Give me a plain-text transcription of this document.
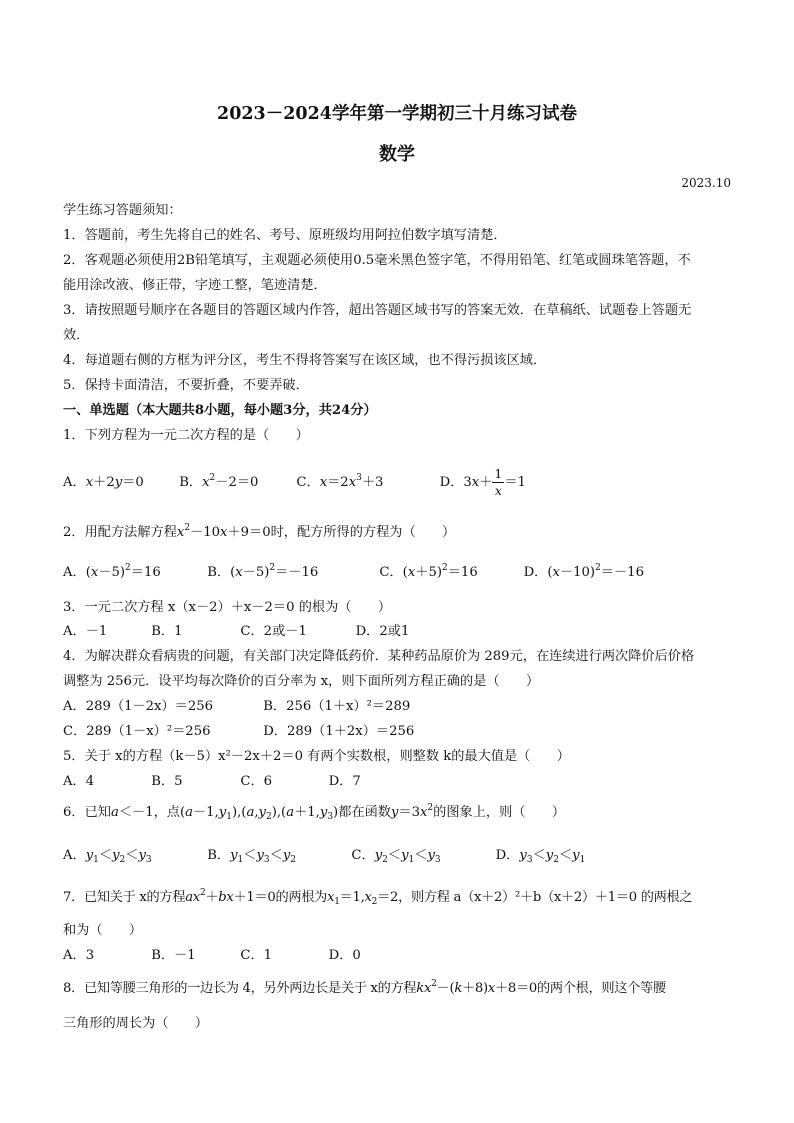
2023－2024学年第一学期初三十月练习试卷
数学
2023.10
学生练习答题须知：
1．答题前，考生先将自己的姓名、考号、原班级均用阿拉伯数字填写清楚．
2．客观题必须使用2B铅笔填写，主观题必须使用0.5毫米黑色签字笔，不得用铅笔、红笔或圆珠笔答题，不
能用涂改液、修正带，字迹工整，笔迹清楚．
3．请按照题号顺序在各题目的答题区域内作答，超出答题区域书写的答案无效．在草稿纸、试题卷上答题无
效．
4．每道题右侧的方框为评分区，考生不得将答案写在该区域，也不得污损该区域．
5．保持卡面清洁，不要折叠，不要弄破．
一、单选题（本大题共8小题，每小题3分，共24分）
1．下列方程为一元二次方程的是（　　）
A．x＋2y＝0	B．$x^2-2=0$	C．$x=2x^3+3$	D．$3x+ \frac{1}{x} =1$
2．用配方法解方程$x^2-10x+9=0$时，配方所得的方程为（　　）
A．$(x-5)^2=16$	B．$(x-5)^2=-16$	C．$(x+5)^2=16$	D．$(x-10)^2=-16$
3．一元二次方程 x（x－2）＋x－2＝0 的根为（　　）
A．－1	B．1	C．2或－1	D．2或1
4．为解决群众看病贵的问题，有关部门决定降低药价．某种药品原价为 289元，在连续进行两次降价后价格
调整为 256元．设平均每次降价的百分率为 x，则下面所列方程正确的是（　　）
A．289（1－2x）＝256	B．256（1＋x）²＝289
C．289（1－x）²＝256	D．289（1＋2x）＝256
5．关于 x的方程（k－5）x²－2x＋2＝0 有两个实数根，则整数 k的最大值是（　　）
A．4	B．5	C．6	D．7
6．已知a＜－1，点$(a-1,y_1),(a,y_2),(a+1,y_3)$都在函数$y=3x^2$的图象上，则（　　）
A．$y_1<y_2<y_3$	B．$y_1<y_3<y_2$	C．$y_2<y_1<y_3$	D．$y_3<y_2<y_1$
7．已知关于 x的方程$ax^2+bx+1=0$的两根为$x_1=1,x_2=2$，则方程 a（x＋2）²＋b（x＋2）＋1＝0 的两根之
和为（　　）
A．3	B．－1	C．1	D．0
8．已知等腰三角形的一边长为 4，另外两边长是关于 x的方程$kx^2-(k+8)x+8=0$的两个根，则这个等腰
三角形的周长为（　　）
